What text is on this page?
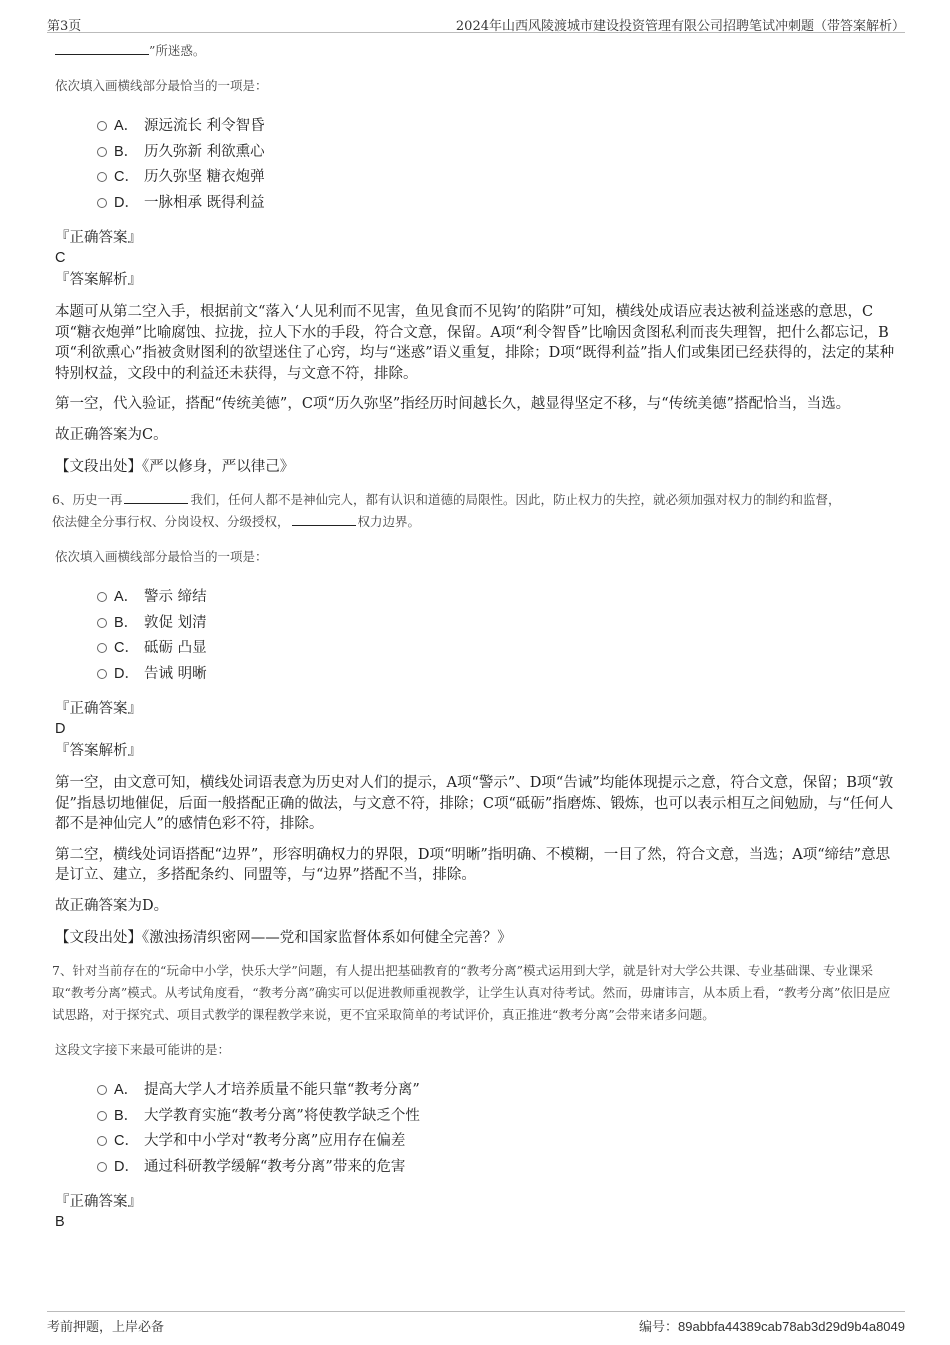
第3页	2024年山西风陵渡城市建设投资管理有限公司招聘笔试冲刺题（带答案解析）
”所迷惑。
依次填入画横线部分最恰当的一项是：
A． 源远流长 利令智昏
B． 历久弥新 利欲熏心
C． 历久弥坚 糖衣炮弹
D． 一脉相承 既得利益
『正确答案』
C
『答案解析』
本题可从第二空入手，根据前文“落入‘人见利而不见害，鱼见食而不见钩’的陷阱”可知，横线处成语应表达被利益迷惑的意思，C项“糖衣炮弹”比喻腐蚀、拉拢，拉人下水的手段，符合文意，保留。A项“利令智昏”比喻因贪图私利而丧失理智，把什么都忘记，B项“利欲熏心”指被贪财图利的欲望迷住了心窍，均与“迷惑”语义重复，排除；D项“既得利益”指人们或集团已经获得的，法定的某种特别权益，文段中的利益还未获得，与文意不符，排除。
第一空，代入验证，搭配“传统美德”，C项“历久弥坚”指经历时间越长久，越显得坚定不移，与“传统美德”搭配恰当，当选。
故正确答案为C。
【文段出处】《严以修身，严以律己》
6、历史一再	我们，任何人都不是神仙完人，都有认识和道德的局限性。因此，防止权力的失控，就必须加强对权力的制约和监督，
依法健全分事行权、分岗设权、分级授权，	权力边界。
依次填入画横线部分最恰当的一项是：
A． 警示 缔结
B． 敦促 划清
C． 砥砺 凸显
D． 告诫 明晰
『正确答案』
D
『答案解析』
第一空，由文意可知，横线处词语表意为历史对人们的提示，A项“警示”、D项“告诫”均能体现提示之意，符合文意，保留；B项“敦促”指恳切地催促，后面一般搭配正确的做法，与文意不符，排除；C项“砥砺”指磨炼、锻炼，也可以表示相互之间勉励，与“任何人都不是神仙完人”的感情色彩不符，排除。
第二空，横线处词语搭配“边界”，形容明确权力的界限，D项“明晰”指明确、不模糊，一目了然，符合文意，当选；A项“缔结”意思是订立、建立，多搭配条约、同盟等，与“边界”搭配不当，排除。
故正确答案为D。
【文段出处】《激浊扬清织密网——党和国家监督体系如何健全完善？》
7、针对当前存在的“玩命中小学，快乐大学”问题，有人提出把基础教育的“教考分离”模式运用到大学，就是针对大学公共课、专业基础课、专业课采取“教考分离”模式。从考试角度看，“教考分离”确实可以促进教师重视教学，让学生认真对待考试。然而，毋庸讳言，从本质上看，“教考分离”依旧是应试思路，对于探究式、项目式教学的课程教学来说，更不宜采取简单的考试评价，真正推进“教考分离”会带来诸多问题。
这段文字接下来最可能讲的是：
A． 提高大学人才培养质量不能只靠“教考分离”
B． 大学教育实施“教考分离”将使教学缺乏个性
C． 大学和中小学对“教考分离”应用存在偏差
D． 通过科研教学缓解“教考分离”带来的危害
『正确答案』
B
考前押题，上岸必备	编号：89abbfa44389cab78ab3d29d9b4a8049
